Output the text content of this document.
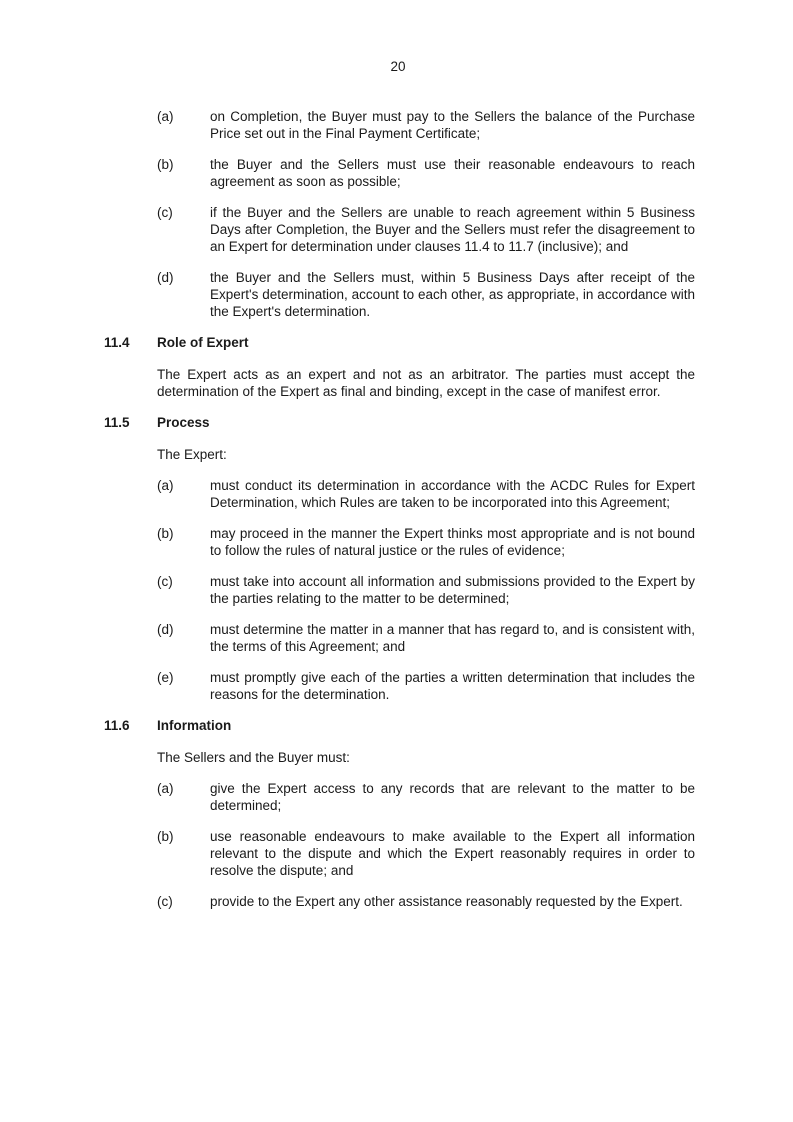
20
(a)	on Completion, the Buyer must pay to the Sellers the balance of the Purchase Price set out in the Final Payment Certificate;
(b)	the Buyer and the Sellers must use their reasonable endeavours to reach agreement as soon as possible;
(c)	if the Buyer and the Sellers are unable to reach agreement within 5 Business Days after Completion, the Buyer and the Sellers must refer the disagreement to an Expert for determination under clauses 11.4 to 11.7 (inclusive); and
(d)	the Buyer and the Sellers must, within 5 Business Days after receipt of the Expert's determination, account to each other, as appropriate, in accordance with the Expert's determination.
11.4	Role of Expert

The Expert acts as an expert and not as an arbitrator. The parties must accept the determination of the Expert as final and binding, except in the case of manifest error.

11.5	Process

The Expert:

(a)	must conduct its determination in accordance with the ACDC Rules for Expert Determination, which Rules are taken to be incorporated into this Agreement;
(b)	may proceed in the manner the Expert thinks most appropriate and is not bound to follow the rules of natural justice or the rules of evidence;
(c)	must take into account all information and submissions provided to the Expert by the parties relating to the matter to be determined;
(d)	must determine the matter in a manner that has regard to, and is consistent with, the terms of this Agreement; and
(e)	must promptly give each of the parties a written determination that includes the reasons for the determination.
11.6	Information

The Sellers and the Buyer must:

(a)	give the Expert access to any records that are relevant to the matter to be determined;
(b)	use reasonable endeavours to make available to the Expert all information relevant to the dispute and which the Expert reasonably requires in order to resolve the dispute; and
(c)	provide to the Expert any other assistance reasonably requested by the Expert.
